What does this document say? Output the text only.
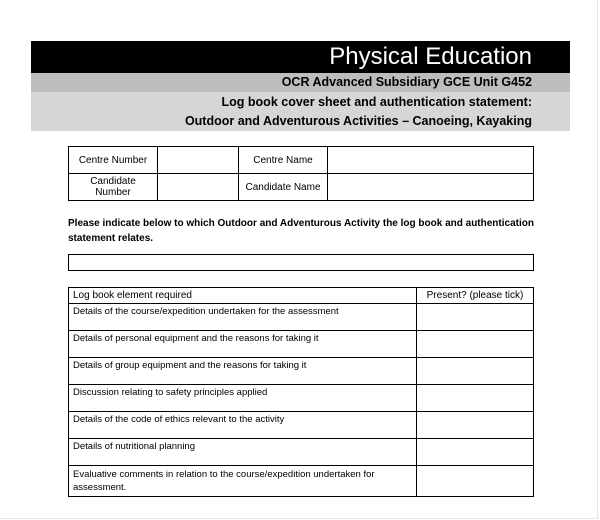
Physical Education
OCR Advanced Subsidiary GCE Unit G452
Log book cover sheet and authentication statement:
Outdoor and Adventurous Activities – Canoeing, Kayaking
Centre Number		Centre Name	
Candidate Number		Candidate Name	
Please indicate below to which Outdoor and Adventurous Activity the log book and authentication statement relates.
Log book element required	Present? (please tick)
Details of the course/expedition undertaken for the assessment	
Details of personal equipment and the reasons for taking it	
Details of group equipment and the reasons for taking it	
Discussion relating to safety principles applied	
Details of the code of ethics relevant to the activity	
Details of nutritional planning	
Evaluative comments in relation to the course/expedition undertaken for assessment.	
